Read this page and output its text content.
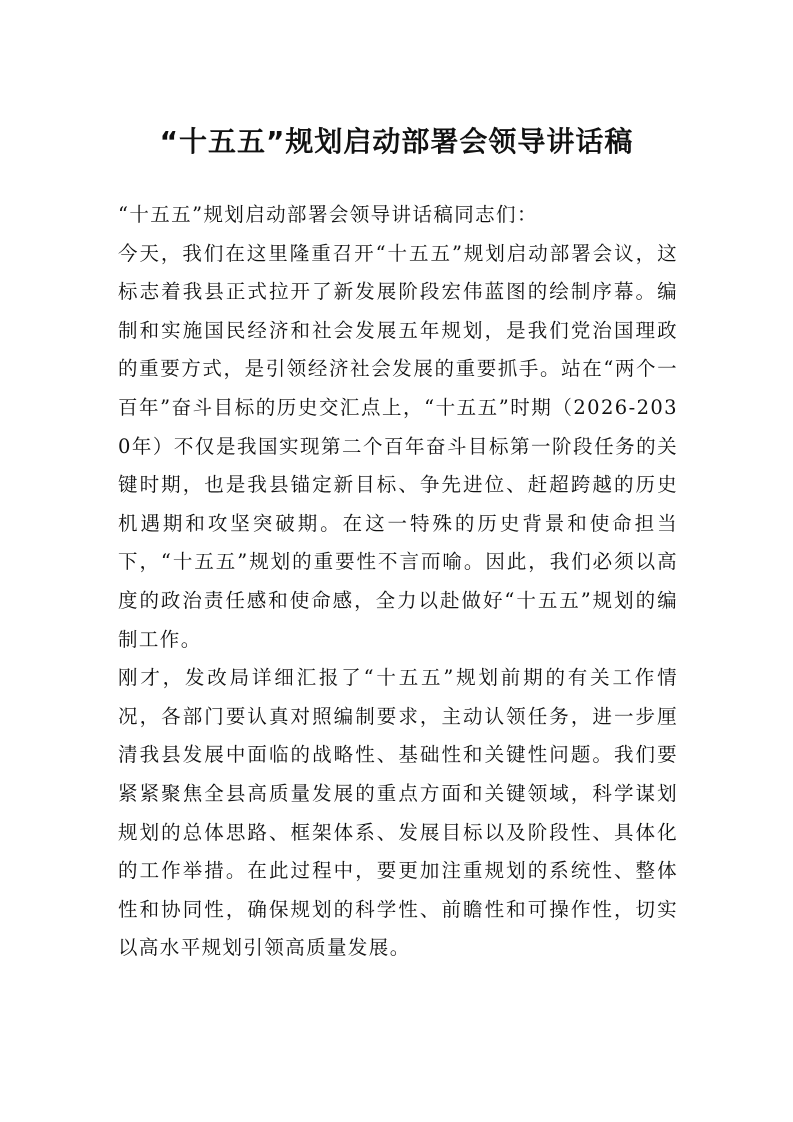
“十五五”规划启动部署会领导讲话稿

“十五五”规划启动部署会领导讲话稿同志们：

今天，我们在这里隆重召开“十五五”规划启动部署会议，这标志着我县正式拉开了新发展阶段宏伟蓝图的绘制序幕。编制和实施国民经济和社会发展五年规划，是我们党治国理政的重要方式，是引领经济社会发展的重要抓手。站在“两个一百年”奋斗目标的历史交汇点上，“十五五”时期（2026-2030年）不仅是我国实现第二个百年奋斗目标第一阶段任务的关键时期，也是我县锚定新目标、争先进位、赶超跨越的历史机遇期和攻坚突破期。在这一特殊的历史背景和使命担当下，“十五五”规划的重要性不言而喻。因此，我们必须以高度的政治责任感和使命感，全力以赴做好“十五五”规划的编制工作。

刚才，发改局详细汇报了“十五五”规划前期的有关工作情况，各部门要认真对照编制要求，主动认领任务，进一步厘清我县发展中面临的战略性、基础性和关键性问题。我们要紧紧聚焦全县高质量发展的重点方面和关键领域，科学谋划规划的总体思路、框架体系、发展目标以及阶段性、具体化的工作举措。在此过程中，要更加注重规划的系统性、整体性和协同性，确保规划的科学性、前瞻性和可操作性，切实以高水平规划引领高质量发展。
